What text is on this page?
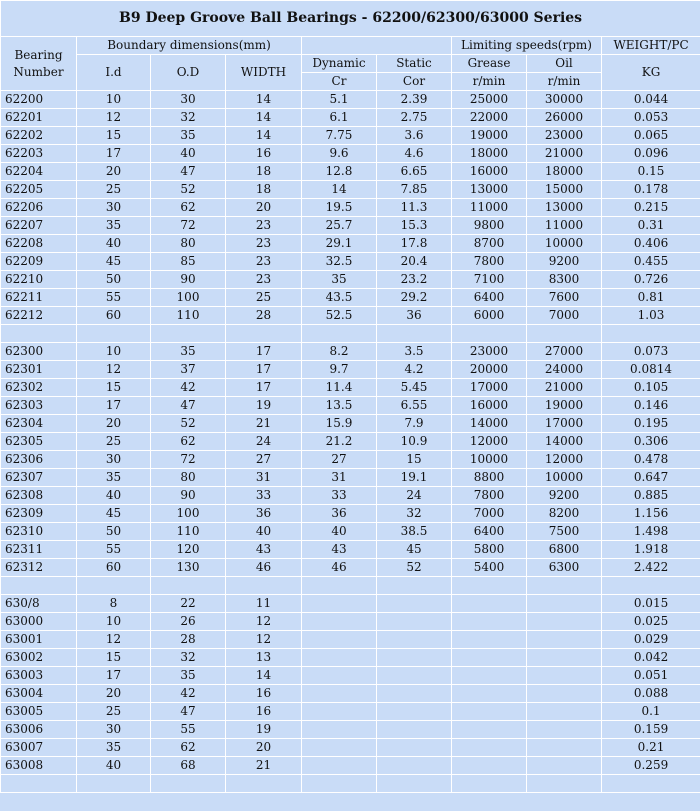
B9 Deep Groove Ball Bearings - 62200/62300/63000 Series								
Bearing Number	Boundary dimensions(mm)					Limiting speeds(rpm)		WEIGHT/PC
	I.d	O.D	WIDTH	Dynamic	Static	Grease	Oil	KG
				Cr	Cor	r/min	r/min	
62200	10	30	14	5.1	2.39	25000	30000	0.044
62201	12	32	14	6.1	2.75	22000	26000	0.053
62202	15	35	14	7.75	3.6	19000	23000	0.065
62203	17	40	16	9.6	4.6	18000	21000	0.096
62204	20	47	18	12.8	6.65	16000	18000	0.15
62205	25	52	18	14	7.85	13000	15000	0.178
62206	30	62	20	19.5	11.3	11000	13000	0.215
62207	35	72	23	25.7	15.3	9800	11000	0.31
62208	40	80	23	29.1	17.8	8700	10000	0.406
62209	45	85	23	32.5	20.4	7800	9200	0.455
62210	50	90	23	35	23.2	7100	8300	0.726
62211	55	100	25	43.5	29.2	6400	7600	0.81
62212	60	110	28	52.5	36	6000	7000	1.03

62300	10	35	17	8.2	3.5	23000	27000	0.073
62301	12	37	17	9.7	4.2	20000	24000	0.0814
62302	15	42	17	11.4	5.45	17000	21000	0.105
62303	17	47	19	13.5	6.55	16000	19000	0.146
62304	20	52	21	15.9	7.9	14000	17000	0.195
62305	25	62	24	21.2	10.9	12000	14000	0.306
62306	30	72	27	27	15	10000	12000	0.478
62307	35	80	31	31	19.1	8800	10000	0.647
62308	40	90	33	33	24	7800	9200	0.885
62309	45	100	36	36	32	7000	8200	1.156
62310	50	110	40	40	38.5	6400	7500	1.498
62311	55	120	43	43	45	5800	6800	1.918
62312	60	130	46	46	52	5400	6300	2.422

630/8	8	22	11					0.015
63000	10	26	12					0.025
63001	12	28	12					0.029
63002	15	32	13					0.042
63003	17	35	14					0.051
63004	20	42	16					0.088
63005	25	47	16					0.1
63006	30	55	19					0.159
63007	35	62	20					0.21
63008	40	68	21					0.259
